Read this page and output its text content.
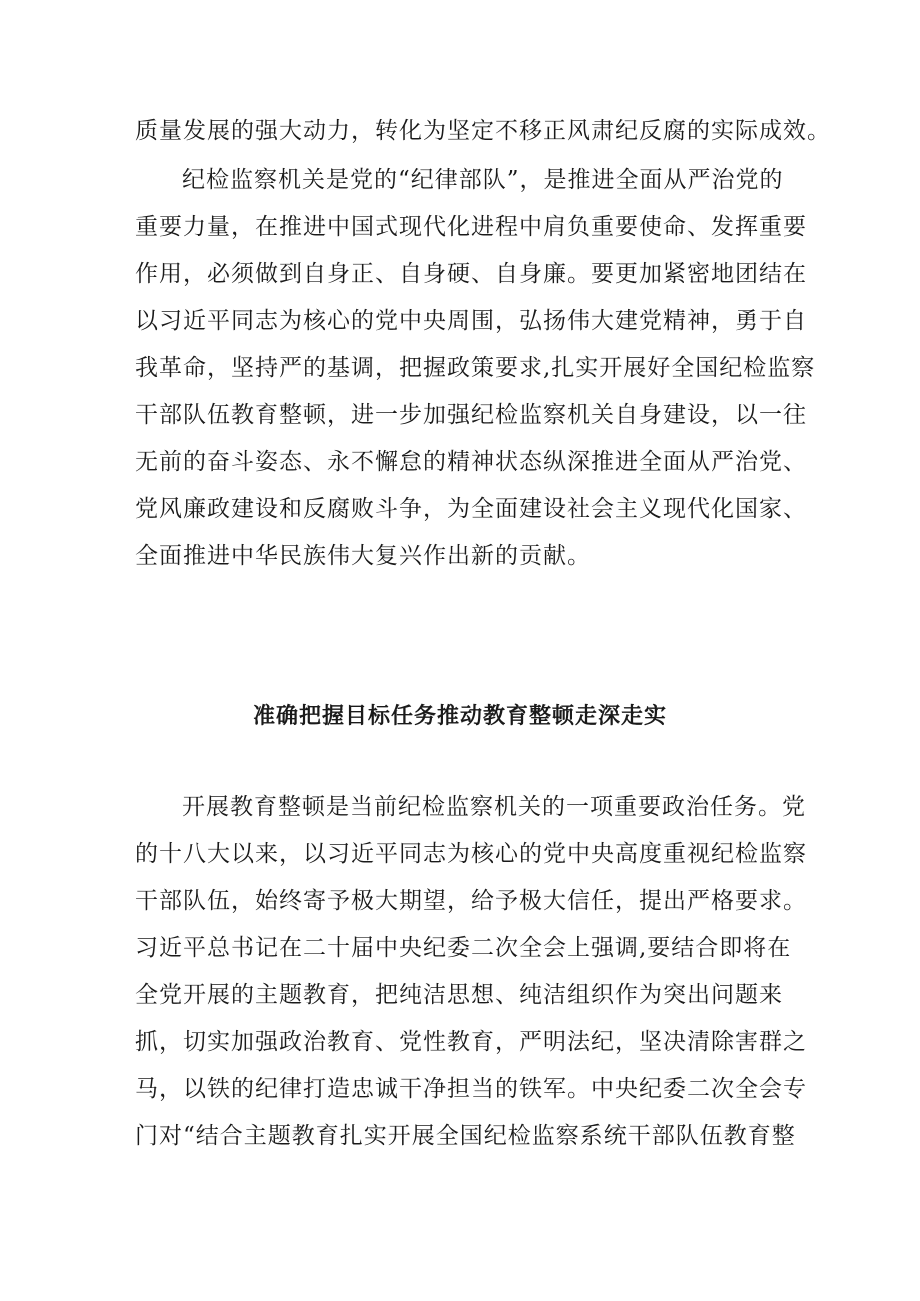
质量发展的强大动力，转化为坚定不移正风肃纪反腐的实际成效。
纪检监察机关是党的“纪律部队”，是推进全面从严治党的
重要力量，在推进中国式现代化进程中肩负重要使命、发挥重要
作用，必须做到自身正、自身硬、自身廉。要更加紧密地团结在
以习近平同志为核心的党中央周围，弘扬伟大建党精神，勇于自
我革命，坚持严的基调，把握政策要求,扎实开展好全国纪检监察
干部队伍教育整顿，进一步加强纪检监察机关自身建设，以一往
无前的奋斗姿态、永不懈怠的精神状态纵深推进全面从严治党、
党风廉政建设和反腐败斗争，为全面建设社会主义现代化国家、
全面推进中华民族伟大复兴作出新的贡献。
准确把握目标任务推动教育整顿走深走实
开展教育整顿是当前纪检监察机关的一项重要政治任务。党
的十八大以来，以习近平同志为核心的党中央高度重视纪检监察
干部队伍，始终寄予极大期望，给予极大信任，提出严格要求。
习近平总书记在二十届中央纪委二次全会上强调,要结合即将在
全党开展的主题教育，把纯洁思想、纯洁组织作为突出问题来
抓，切实加强政治教育、党性教育，严明法纪，坚决清除害群之
马，以铁的纪律打造忠诚干净担当的铁军。中央纪委二次全会专
门对“结合主题教育扎实开展全国纪检监察系统干部队伍教育整
